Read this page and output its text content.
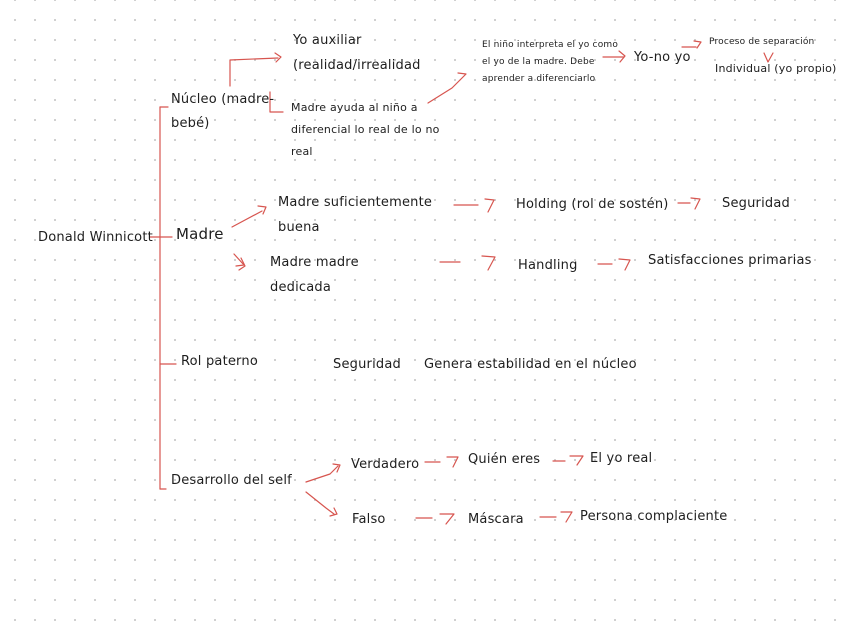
Donald Winnicott
Núcleo (madre-
bebé)
Yo auxiliar
(realidad/irrealidad
Madre ayuda al niño a
diferencial lo real de lo no
real
El niño interpreta el yo como
el yo de la madre. Debe
aprender a diferenciarlo
Yo-no yo
Proceso de separación
Individual (yo propio)
Madre
Madre suficientemente
buena
Holding (rol de sostén)	Seguridad
Madre madre
dedicada
Handling	Satisfacciones primarias
Rol paterno	Seguridad Genera estabilidad en el núcleo
Desarrollo del self
Verdadero	Quién eres	El yo real
Falso	Máscara	Persona complaciente
